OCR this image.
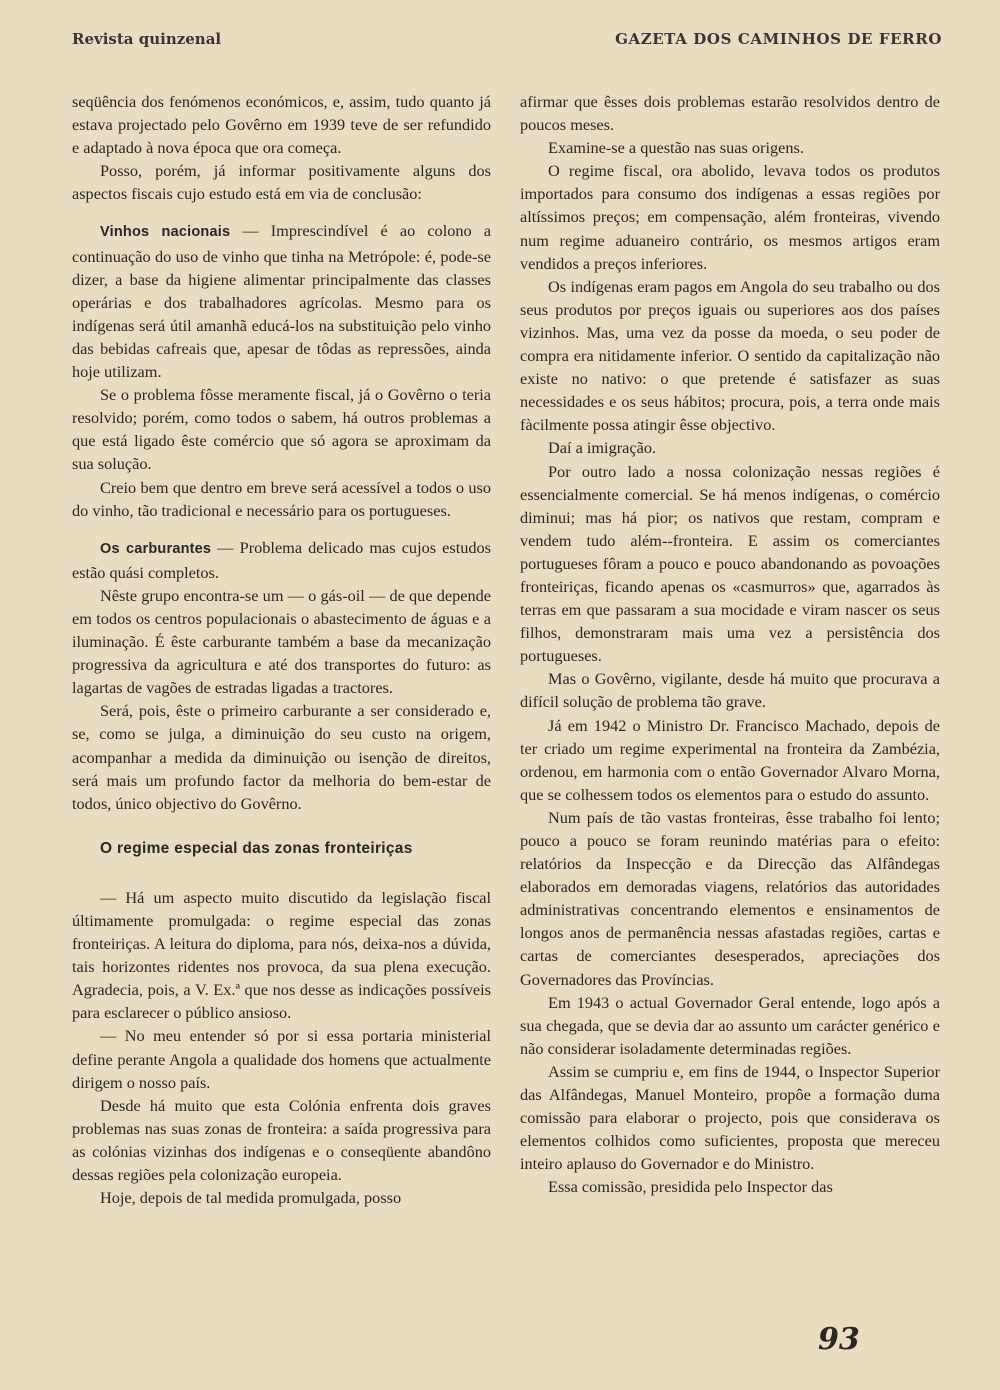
Revista quinzenal	GAZETA DOS CAMINHOS DE FERRO

seqüência dos fenómenos económicos, e, assim, tudo quanto já estava projectado pelo Govêrno em 1939 teve de ser refundido e adaptado à nova época que ora começa.

Posso, porém, já informar positivamente alguns dos aspectos fiscais cujo estudo está em via de conclusão:

Vinhos nacionais — Imprescindível é ao colono a continuação do uso de vinho que tinha na Metrópole: é, pode-se dizer, a base da higiene alimentar principalmente das classes operárias e dos trabalhadores agrícolas. Mesmo para os indígenas será útil amanhã educá-los na substituição pelo vinho das bebidas cafreais que, apesar de tôdas as repressões, ainda hoje utilizam.

Se o problema fôsse meramente fiscal, já o Govêrno o teria resolvido; porém, como todos o sabem, há outros problemas a que está ligado êste comércio que só agora se aproximam da sua solução.

Creio bem que dentro em breve será acessível a todos o uso do vinho, tão tradicional e necessário para os portugueses.

Os carburantes — Problema delicado mas cujos estudos estão quási completos.

Nêste grupo encontra-se um — o gás-oil — de que depende em todos os centros populacionais o abastecimento de águas e a iluminação. É êste carburante também a base da mecanização progressiva da agricultura e até dos transportes do futuro: as lagartas de vagões de estradas ligadas a tractores.

Será, pois, êste o primeiro carburante a ser considerado e, se, como se julga, a diminuição do seu custo na origem, acompanhar a medida da diminuição ou isenção de direitos, será mais um profundo factor da melhoria do bem-estar de todos, único objectivo do Govêrno.

O regime especial das zonas fronteiriças

— Há um aspecto muito discutido da legislação fiscal últimamente promulgada: o regime especial das zonas fronteiriças. A leitura do diploma, para nós, deixa-nos a dúvida, tais horizontes ridentes nos provoca, da sua plena execução. Agradecia, pois, a V. Ex.ª que nos desse as indicações possíveis para esclarecer o público ansioso.

— No meu entender só por si essa portaria ministerial define perante Angola a qualidade dos homens que actualmente dirigem o nosso país.

Desde há muito que esta Colónia enfrenta dois graves problemas nas suas zonas de fronteira: a saída progressiva para as colónias vizinhas dos indígenas e o conseqüente abandôno dessas regiões pela colonização europeia.

Hoje, depois de tal medida promulgada, posso

afirmar que êsses dois problemas estarão resolvidos dentro de poucos meses.

Examine-se a questão nas suas origens.

O regime fiscal, ora abolido, levava todos os produtos importados para consumo dos indígenas a essas regiões por altíssimos preços; em compensação, além fronteiras, vivendo num regime aduaneiro contrário, os mesmos artigos eram vendidos a preços inferiores.

Os indígenas eram pagos em Angola do seu trabalho ou dos seus produtos por preços iguais ou superiores aos dos países vizinhos. Mas, uma vez da posse da moeda, o seu poder de compra era nitidamente inferior. O sentido da capitalização não existe no nativo: o que pretende é satisfazer as suas necessidades e os seus hábitos; procura, pois, a terra onde mais fàcilmente possa atingir êsse objectivo.

Daí a imigração.

Por outro lado a nossa colonização nessas regiões é essencialmente comercial. Se há menos indígenas, o comércio diminui; mas há pior; os nativos que restam, compram e vendem tudo além--fronteira. E assim os comerciantes portugueses fôram a pouco e pouco abandonando as povoações fronteiriças, ficando apenas os «casmurros» que, agarrados às terras em que passaram a sua mocidade e viram nascer os seus filhos, demonstraram mais uma vez a persistência dos portugueses.

Mas o Govêrno, vigilante, desde há muito que procurava a difícil solução de problema tão grave.

Já em 1942 o Ministro Dr. Francisco Machado, depois de ter criado um regime experimental na fronteira da Zambézia, ordenou, em harmonia com o então Governador Alvaro Morna, que se colhessem todos os elementos para o estudo do assunto.

Num país de tão vastas fronteiras, êsse trabalho foi lento; pouco a pouco se foram reunindo matérias para o efeito: relatórios da Inspecção e da Direcção das Alfândegas elaborados em demoradas viagens, relatórios das autoridades administrativas concentrando elementos e ensinamentos de longos anos de permanência nessas afastadas regiões, cartas e cartas de comerciantes desesperados, apreciações dos Governadores das Províncias.

Em 1943 o actual Governador Geral entende, logo após a sua chegada, que se devia dar ao assunto um carácter genérico e não considerar isoladamente determinadas regiões.

Assim se cumpriu e, em fins de 1944, o Inspector Superior das Alfândegas, Manuel Monteiro, propôe a formação duma comissão para elaborar o projecto, pois que considerava os elementos colhidos como suficientes, proposta que mereceu inteiro aplauso do Governador e do Ministro.

Essa comissão, presidida pelo Inspector das

93
